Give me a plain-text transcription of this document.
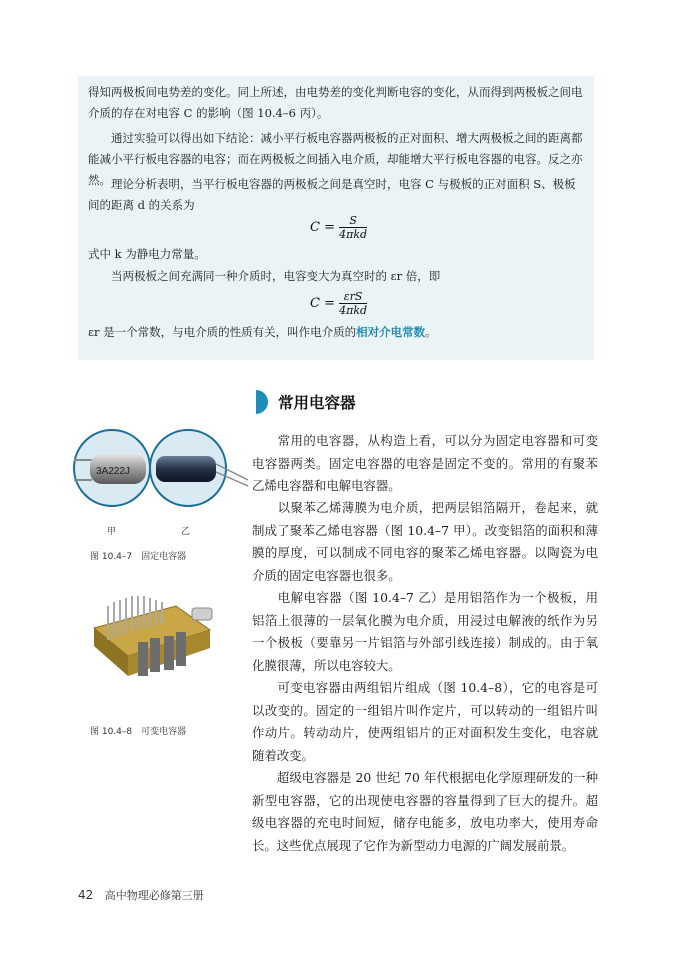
得知两极板间电势差的变化。同上所述，由电势差的变化判断电容的变化，从而得到两极板之间电介质的存在对电容 C 的影响（图 10.4–6 丙）。

通过实验可以得出如下结论：减小平行板电容器两极板的正对面积、增大两极板之间的距离都能减小平行板电容器的电容；而在两极板之间插入电介质，却能增大平行板电容器的电容。反之亦然。 理论分析表明，当平行板电容器的两极板之间是真空时，电容 C 与极板的正对面积 S、极板间的距离 d 的关系为

$C = \frac{S}{\text{4πkd}}$

式中 k 为静电力常量。

当两极板之间充满同一种介质时，电容变大为真空时的 εr 倍，即

$C = \frac{\text{εrS}}{\text{4πkd}}$

εr 是一个常数，与电介质的性质有关，叫作电介质的相对介电常数。

常用电容器
3A222J
甲	乙
图 10.4–7　固定电容器
图 10.4–8　可变电容器

　　常用的电容器，从构造上看，可以分为固定电容器和可变电容器两类。固定电容器的电容是固定不变的。常用的有聚苯乙烯电容器和电解电容器。

　　以聚苯乙烯薄膜为电介质，把两层铝箔隔开，卷起来，就制成了聚苯乙烯电容器（图 10.4–7 甲）。改变铝箔的面积和薄膜的厚度，可以制成不同电容的聚苯乙烯电容器。以陶瓷为电介质的固定电容器也很多。

　　电解电容器（图 10.4–7 乙）是用铝箔作为一个极板，用铝箔上很薄的一层氧化膜为电介质，用浸过电解液的纸作为另一个极板（要靠另一片铝箔与外部引线连接）制成的。由于氧化膜很薄，所以电容较大。

　　可变电容器由两组铝片组成（图 10.4–8），它的电容是可以改变的。固定的一组铝片叫作定片，可以转动的一组铝片叫作动片。转动动片，使两组铝片的正对面积发生变化，电容就随着改变。

　　超级电容器是 20 世纪 70 年代根据电化学原理研发的一种新型电容器，它的出现使电容器的容量得到了巨大的提升。超级电容器的充电时间短，储存电能多，放电功率大，使用寿命长。这些优点展现了它作为新型动力电源的广阔发展前景。

42 高中物理必修第三册
